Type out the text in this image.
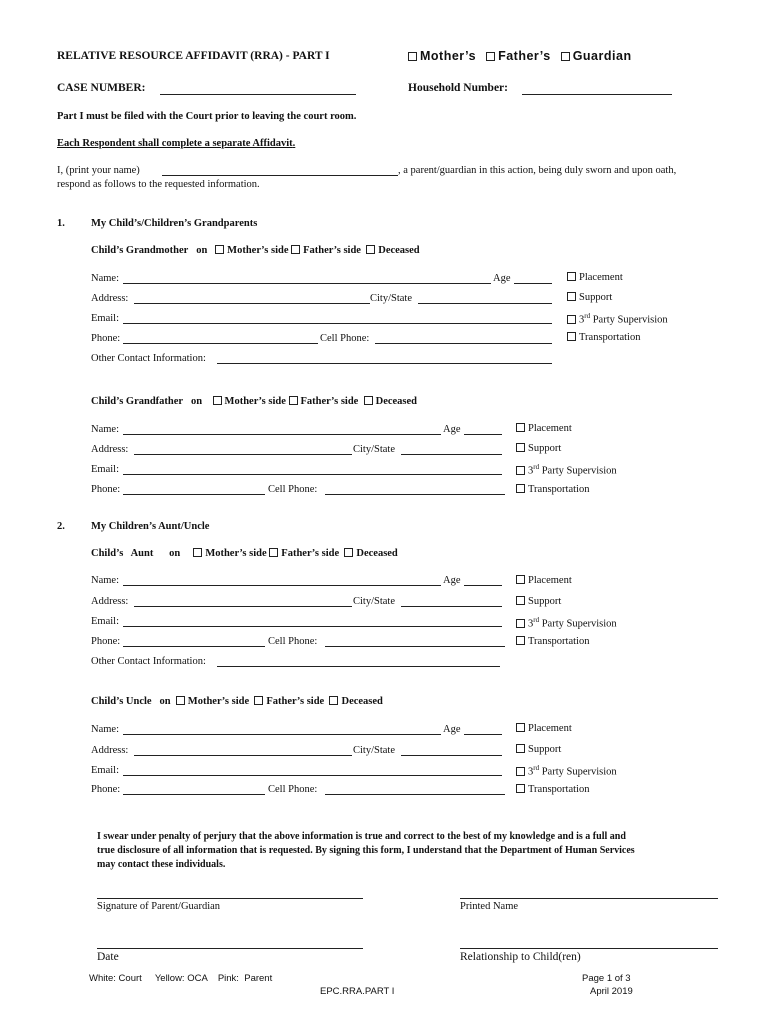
RELATIVE RESOURCE AFFIDAVIT (RRA) - PART I	Mother’s Father’s Guardian
CASE NUMBER:	Household Number:
Part I must be filed with the Court prior to leaving the court room.
Each Respondent shall complete a separate Affidavit.
I, (print your name)	, a parent/guardian in this action, being duly sworn and upon oath,
respond as follows to the requested information.
1. My Child’s/Children’s Grandparents
Child’s Grandmother on Mother’s side Father’s side Deceased
Name:	Age
Address:	City/State
Email:
Phone:	Cell Phone:
Other Contact Information:
Placement
Support
3rd Party Supervision
Transportation
Child’s Grandfather on Mother’s side Father’s side Deceased
Name:	Age
Address:	City/State
Email:
Phone:	Cell Phone:
Placement
Support
3rd Party Supervision
Transportation
2. My Children’s Aunt/Uncle
Child’s   Aunt on Mother’s side Father’s side Deceased
Name:	Age
Address:	City/State
Email:
Phone:	Cell Phone:
Other Contact Information:
Placement
Support
3rd Party Supervision
Transportation
Child’s Uncle on Mother’s side Father’s side Deceased
Name:	Age
Address:	City/State
Email:
Phone:	Cell Phone:
Placement
Support
3rd Party Supervision
Transportation
I swear under penalty of perjury that the above information is true and correct to the best of my knowledge and is a full and
true disclosure of all information that is requested. By signing this form, I understand that the Department of Human Services
may contact these individuals.
Signature of Parent/Guardian	Printed Name
Date	Relationship to Child(ren)
White: Court     Yellow: OCA    Pink:  Parent
EPC.RRA.PART I
Page 1 of 3
April 2019
